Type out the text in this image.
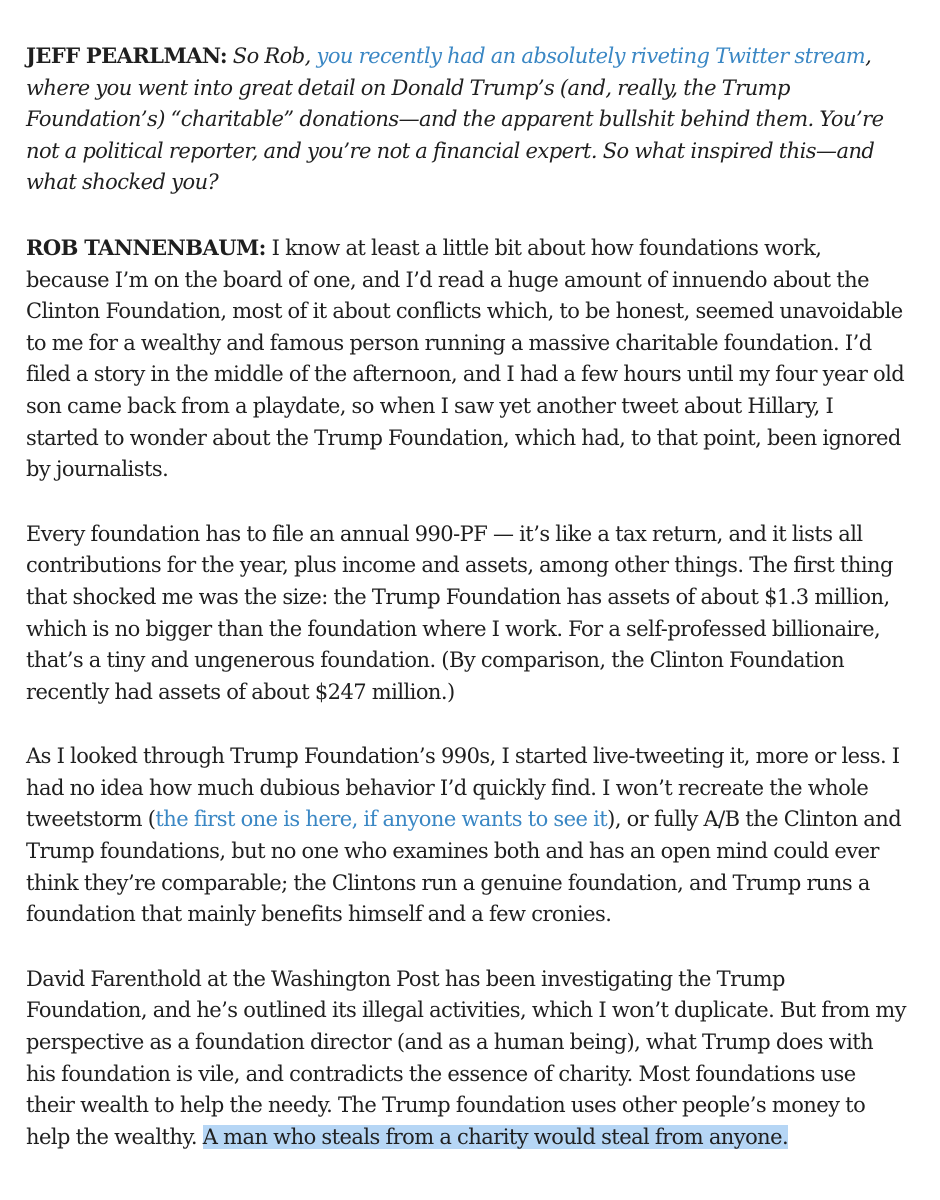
JEFF PEARLMAN: So Rob, you recently had an absolutely riveting Twitter stream, where you went into great detail on Donald Trump’s (and, really, the Trump Foundation’s) “charitable” donations—and the apparent bullshit behind them. You’re not a political reporter, and you’re not a financial expert. So what inspired this—and what shocked you?

ROB TANNENBAUM: I know at least a little bit about how foundations work, because I’m on the board of one, and I’d read a huge amount of innuendo about the Clinton Foundation, most of it about conflicts which, to be honest, seemed unavoidable to me for a wealthy and famous person running a massive charitable foundation. I’d filed a story in the middle of the afternoon, and I had a few hours until my four year old son came back from a playdate, so when I saw yet another tweet about Hillary, I started to wonder about the Trump Foundation, which had, to that point, been ignored by journalists.

Every foundation has to file an annual 990-PF — it’s like a tax return, and it lists all contributions for the year, plus income and assets, among other things. The first thing that shocked me was the size: the Trump Foundation has assets of about $1.3 million, which is no bigger than the foundation where I work. For a self-professed billionaire, that’s a tiny and ungenerous foundation. (By comparison, the Clinton Foundation recently had assets of about $247 million.)

As I looked through Trump Foundation’s 990s, I started live-tweeting it, more or less. I had no idea how much dubious behavior I’d quickly find. I won’t recreate the whole tweetstorm (the first one is here, if anyone wants to see it), or fully A/B the Clinton and Trump foundations, but no one who examines both and has an open mind could ever think they’re comparable; the Clintons run a genuine foundation, and Trump runs a foundation that mainly benefits himself and a few cronies.

David Farenthold at the Washington Post has been investigating the Trump Foundation, and he’s outlined its illegal activities, which I won’t duplicate. But from my perspective as a foundation director (and as a human being), what Trump does with his foundation is vile, and contradicts the essence of charity. Most foundations use their wealth to help the needy. The Trump foundation uses other people’s money to help the wealthy. A man who steals from a charity would steal from anyone.
